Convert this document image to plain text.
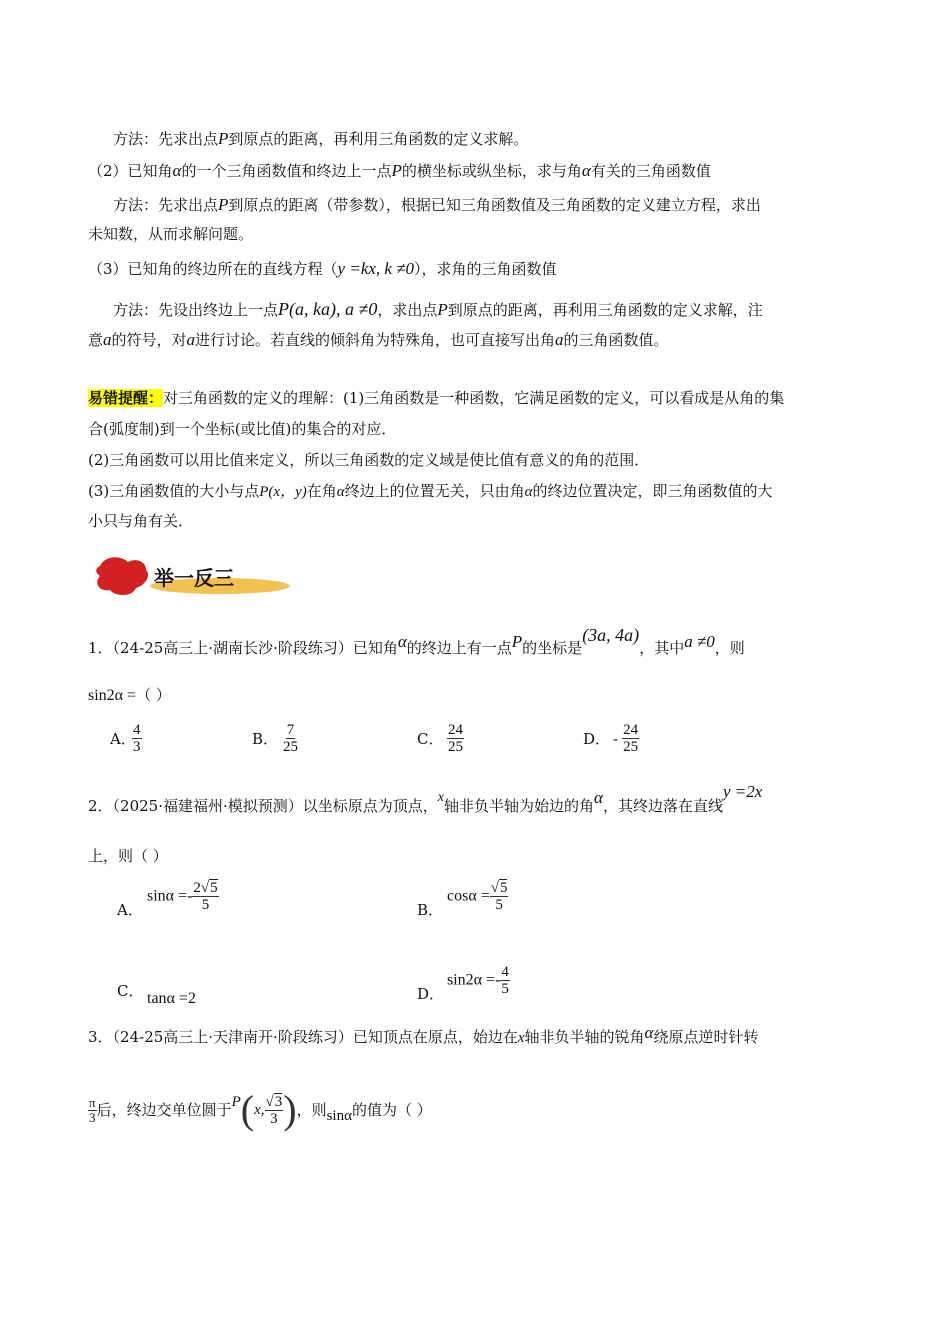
方法：先求出点P到原点的距离，再利用三角函数的定义求解。
（2）已知角α的一个三角函数值和终边上一点P的横坐标或纵坐标，求与角α有关的三角函数值
方法：先求出点P到原点的距离（带参数），根据已知三角函数值及三角函数的定义建立方程，求出
未知数，从而求解问题。
（3）已知角的终边所在的直线方程（y =kx, k ≠0），求角的三角函数值
方法：先设出终边上一点P(a, ka), a ≠0，求出点P到原点的距离，再利用三角函数的定义求解，注
意a的符号，对a进行讨论。若直线的倾斜角为特殊角，也可直接写出角a的三角函数值。
易错提醒：对三角函数的定义的理解：(1)三角函数是一种函数，它满足函数的定义，可以看成是从角的集
合(弧度制)到一个坐标(或比值)的集合的对应．
(2)三角函数可以用比值来定义，所以三角函数的定义域是使比值有意义的角的范围．
(3)三角函数值的大小与点P(x，y)在角α终边上的位置无关，只由角α的终边位置决定，即三角函数值的大
小只与角有关．
举一反三
1．（24-25高三上·湖南长沙·阶段练习）已知角α的终边上有一点P的坐标是(3a, 4a)，其中a ≠0，则
sin2α =（ ）
A．
$\frac{4}{3}$	B． $\frac{7}{25}$	C． $\frac{24}{25}$	D． - $\frac{24}{25}$
2．（2025·福建福州·模拟预测）以坐标原点为顶点，x轴非负半轴为始边的角α，其终边落在直线y =2x
上，则（ ）
A．$\sin\alpha =- \frac{2√5}{5}$	B．$\cos\alpha = \frac{√5}{5}$
C． tanα =2	D．$\sin 2\alpha =- \frac{4}{5}$
3．（24-25高三上·天津南开·阶段练习）已知顶点在原点，始边在x轴非负半轴的锐角α绕原点逆时针转
$\frac{\pi}{3}$ 后，终边交单位圆于P(x, $\frac{√3}{3}$ )，则sinα的值为（ ）
